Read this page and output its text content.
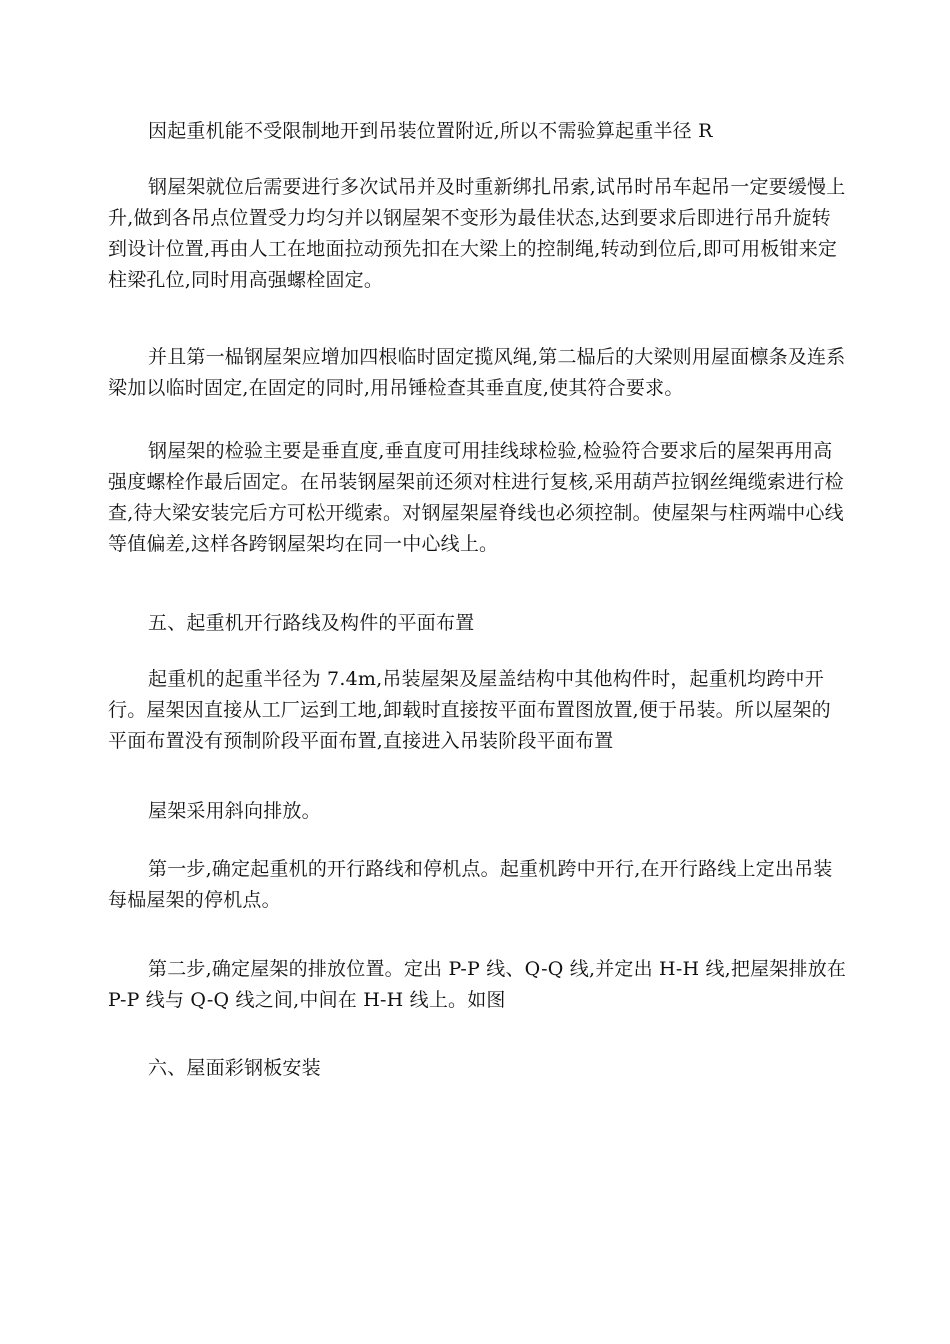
因起重机能不受限制地开到吊装位置附近,所以不需验算起重半径 R

钢屋架就位后需要进行多次试吊并及时重新绑扎吊索,试吊时吊车起吊一定要缓慢上升,做到各吊点位置受力均匀并以钢屋架不变形为最佳状态,达到要求后即进行吊升旋转到设计位置,再由人工在地面拉动预先扣在大梁上的控制绳,转动到位后,即可用板钳来定柱梁孔位,同时用高强螺栓固定。

并且第一榀钢屋架应增加四根临时固定揽风绳,第二榀后的大梁则用屋面檩条及连系梁加以临时固定,在固定的同时,用吊锤检查其垂直度,使其符合要求。

钢屋架的检验主要是垂直度,垂直度可用挂线球检验,检验符合要求后的屋架再用高强度螺栓作最后固定。在吊装钢屋架前还须对柱进行复核,采用葫芦拉钢丝绳缆索进行检查,待大梁安装完后方可松开缆索。对钢屋架屋脊线也必须控制。使屋架与柱两端中心线等值偏差,这样各跨钢屋架均在同一中心线上。

五、起重机开行路线及构件的平面布置

起重机的起重半径为 7.4m,吊装屋架及屋盖结构中其他构件时，起重机均跨中开行。屋架因直接从工厂运到工地,卸载时直接按平面布置图放置,便于吊装。所以屋架的平面布置没有预制阶段平面布置,直接进入吊装阶段平面布置

屋架采用斜向排放。

第一步,确定起重机的开行路线和停机点。起重机跨中开行,在开行路线上定出吊装每榀屋架的停机点。

第二步,确定屋架的排放位置。定出 P-P 线、Q-Q 线,并定出 H-H 线,把屋架排放在 P-P 线与 Q-Q 线之间,中间在 H-H 线上。如图

六、屋面彩钢板安装
